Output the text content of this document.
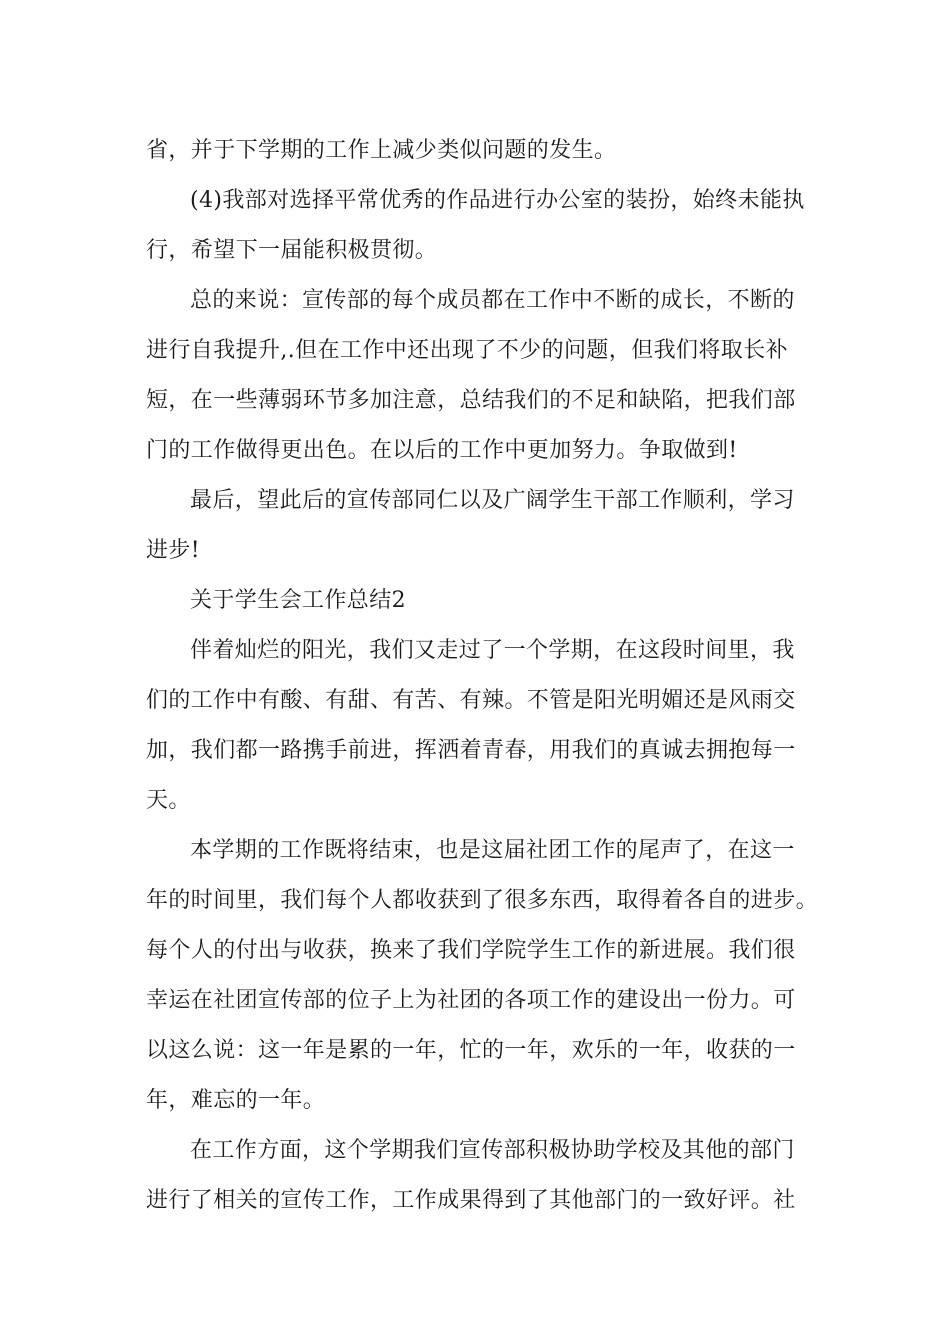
省，并于下学期的工作上减少类似问题的发生。
(4)我部对选择平常优秀的作品进行办公室的装扮，始终未能执
行，希望下一届能积极贯彻。
总的来说：宣传部的每个成员都在工作中不断的成长，不断的
进行自我提升,.但在工作中还出现了不少的问题，但我们将取长补
短，在一些薄弱环节多加注意，总结我们的不足和缺陷，把我们部
门的工作做得更出色。在以后的工作中更加努力。争取做到!
最后，望此后的宣传部同仁以及广阔学生干部工作顺利，学习
进步!
关于学生会工作总结2
伴着灿烂的阳光，我们又走过了一个学期，在这段时间里，我
们的工作中有酸、有甜、有苦、有辣。不管是阳光明媚还是风雨交
加，我们都一路携手前进，挥洒着青春，用我们的真诚去拥抱每一
天。
本学期的工作既将结束，也是这届社团工作的尾声了，在这一
年的时间里，我们每个人都收获到了很多东西，取得着各自的进步。
每个人的付出与收获，换来了我们学院学生工作的新进展。我们很
幸运在社团宣传部的位子上为社团的各项工作的建设出一份力。可
以这么说：这一年是累的一年，忙的一年，欢乐的一年，收获的一
年，难忘的一年。
在工作方面，这个学期我们宣传部积极协助学校及其他的部门
进行了相关的宣传工作，工作成果得到了其他部门的一致好评。社
